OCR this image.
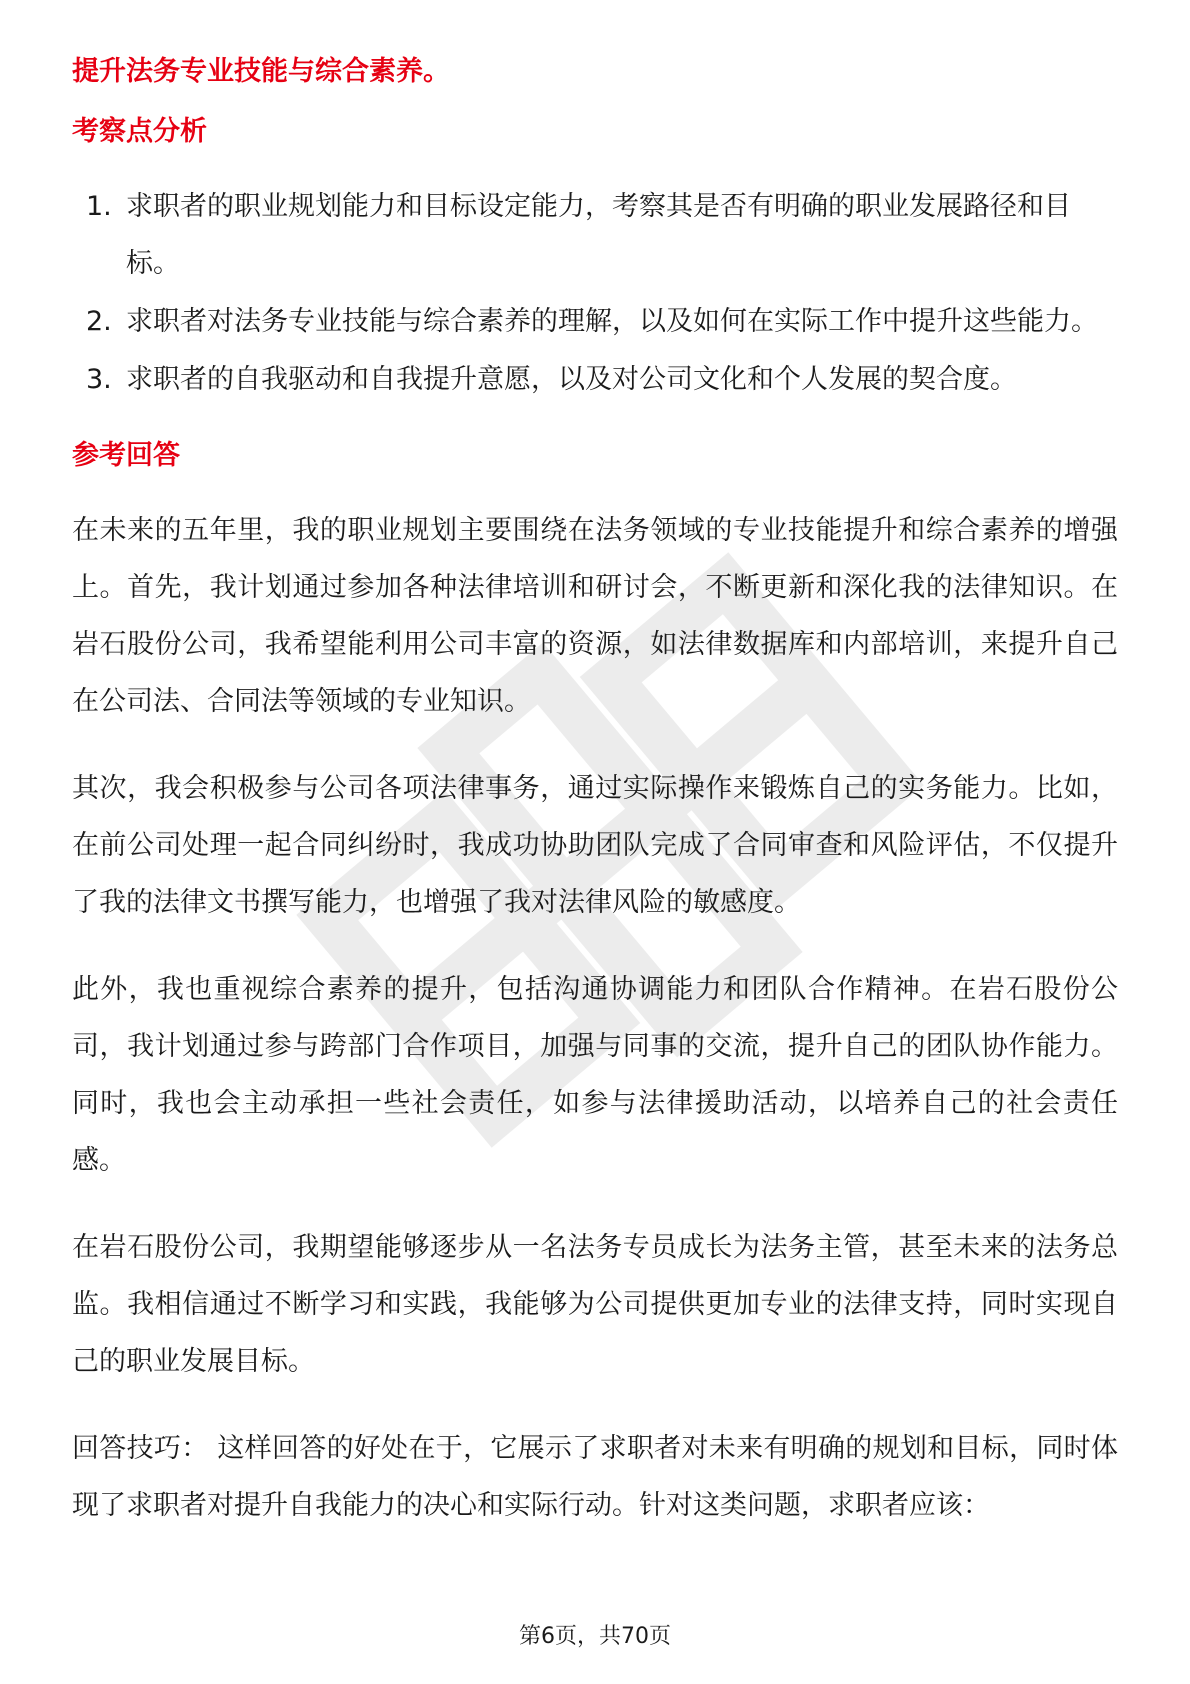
提升法务专业技能与综合素养。
考察点分析
1. 求职者的职业规划能力和目标设定能力，考察其是否有明确的职业发展路径和目标。
2. 求职者对法务专业技能与综合素养的理解，以及如何在实际工作中提升这些能力。
3. 求职者的自我驱动和自我提升意愿，以及对公司文化和个人发展的契合度。
参考回答

在未来的五年里，我的职业规划主要围绕在法务领域的专业技能提升和综合素养的增强上。首先，我计划通过参加各种法律培训和研讨会，不断更新和深化我的法律知识。在岩石股份公司，我希望能利用公司丰富的资源，如法律数据库和内部培训，来提升自己在公司法、合同法等领域的专业知识。

其次，我会积极参与公司各项法律事务，通过实际操作来锻炼自己的实务能力。比如，在前公司处理一起合同纠纷时，我成功协助团队完成了合同审查和风险评估，不仅提升了我的法律文书撰写能力，也增强了我对法律风险的敏感度。

此外，我也重视综合素养的提升，包括沟通协调能力和团队合作精神。在岩石股份公司，我计划通过参与跨部门合作项目，加强与同事的交流，提升自己的团队协作能力。同时，我也会主动承担一些社会责任，如参与法律援助活动，以培养自己的社会责任感。

在岩石股份公司，我期望能够逐步从一名法务专员成长为法务主管，甚至未来的法务总监。我相信通过不断学习和实践，我能够为公司提供更加专业的法律支持，同时实现自己的职业发展目标。

回答技巧： 这样回答的好处在于，它展示了求职者对未来有明确的规划和目标，同时体现了求职者对提升自我能力的决心和实际行动。针对这类问题，求职者应该：

第6页，共70页
